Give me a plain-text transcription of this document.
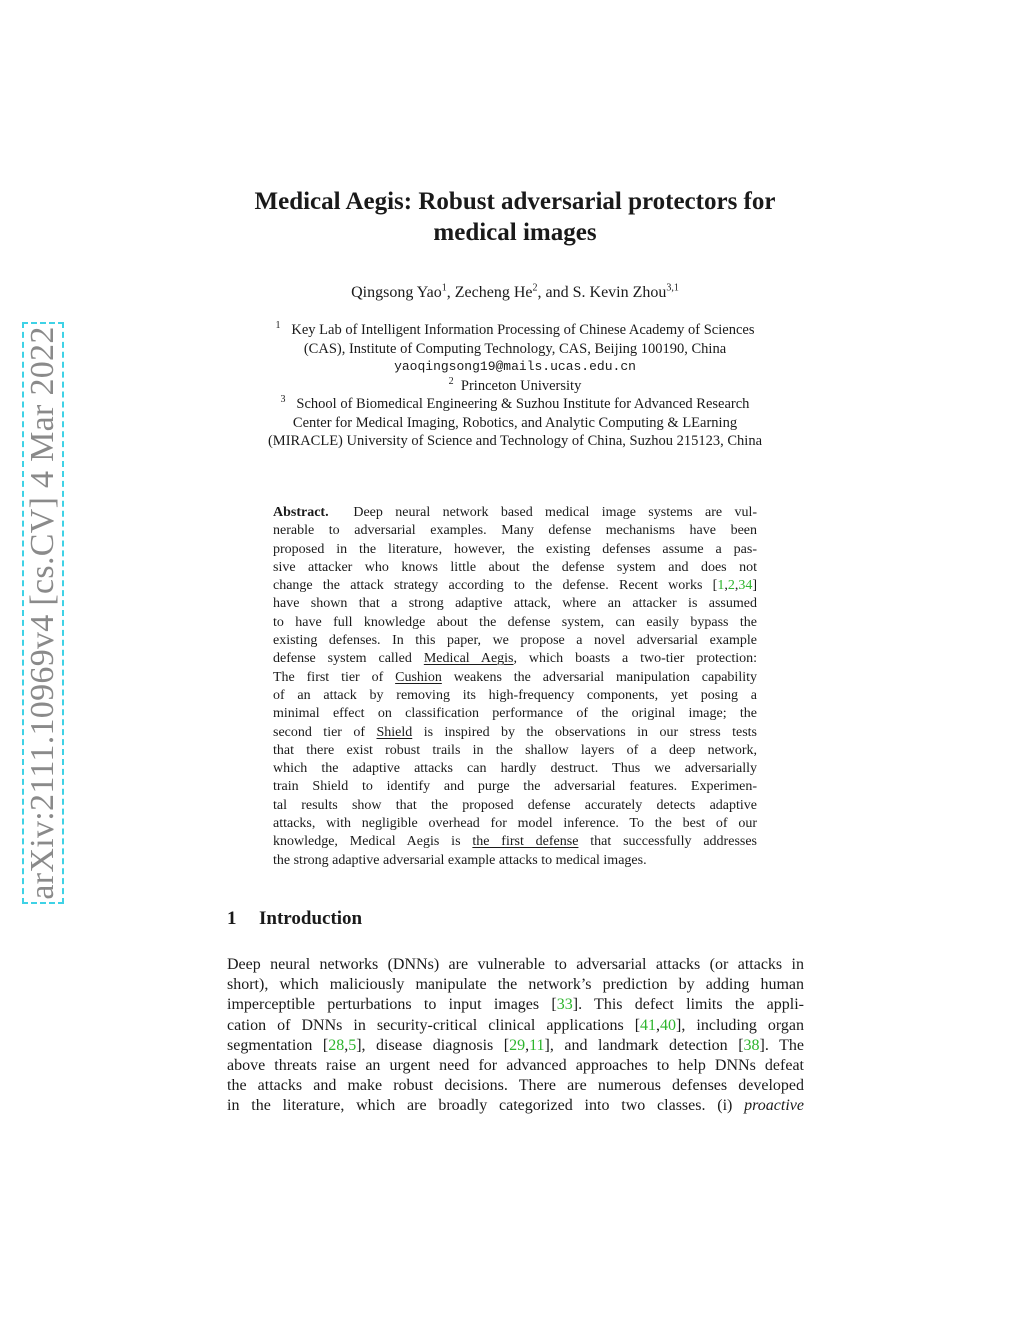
arXiv:2111.10969v4 [cs.CV] 4 Mar 2022
Medical Aegis: Robust adversarial protectors for
medical images
Qingsong Yao$^1$, Zecheng He$^2$, and S. Kevin Zhou$^{3,1}$
$^1$ Key Lab of Intelligent Information Processing of Chinese Academy of Sciences
(CAS), Institute of Computing Technology, CAS, Beijing 100190, China
yaoqingsong19@mails.ucas.edu.cn
$^2$ Princeton University
$^3$ School of Biomedical Engineering & Suzhou Institute for Advanced Research
Center for Medical Imaging, Robotics, and Analytic Computing & LEarning
(MIRACLE) University of Science and Technology of China, Suzhou 215123, China
Abstract. Deep neural network based medical image systems are vul-
nerable to adversarial examples. Many defense mechanisms have been
proposed in the literature, however, the existing defenses assume a pas-
sive attacker who knows little about the defense system and does not
change the attack strategy according to the defense. Recent works [1,2,34]
have shown that a strong adaptive attack, where an attacker is assumed
to have full knowledge about the defense system, can easily bypass the
existing defenses. In this paper, we propose a novel adversarial example
defense system called Medical Aegis, which boasts a two-tier protection:
The first tier of Cushion weakens the adversarial manipulation capability
of an attack by removing its high-frequency components, yet posing a
minimal effect on classification performance of the original image; the
second tier of Shield is inspired by the observations in our stress tests
that there exist robust trails in the shallow layers of a deep network,
which the adaptive attacks can hardly destruct. Thus we adversarially
train Shield to identify and purge the adversarial features. Experimen-
tal results show that the proposed defense accurately detects adaptive
attacks, with negligible overhead for model inference. To the best of our
knowledge, Medical Aegis is the first defense that successfully addresses
the strong adaptive adversarial example attacks to medical images.
1 Introduction
Deep neural networks (DNNs) are vulnerable to adversarial attacks (or attacks in
short), which maliciously manipulate the network’s prediction by adding human
imperceptible perturbations to input images [33]. This defect limits the appli-
cation of DNNs in security-critical clinical applications [41,40], including organ
segmentation [28,5], disease diagnosis [29,11], and landmark detection [38]. The
above threats raise an urgent need for advanced approaches to help DNNs defeat
the attacks and make robust decisions. There are numerous defenses developed
in the literature, which are broadly categorized into two classes. (i) proactive
